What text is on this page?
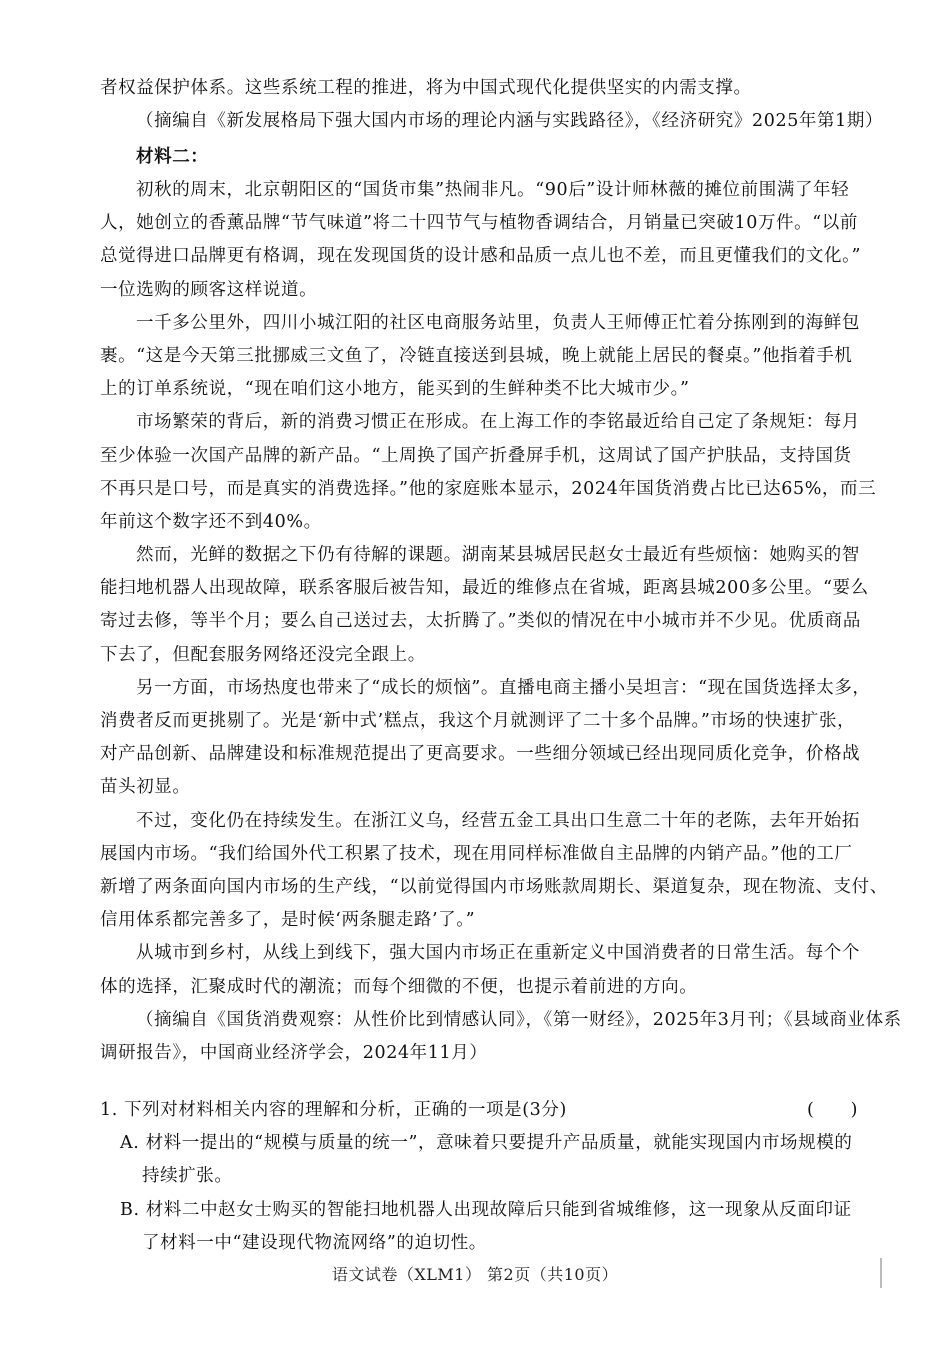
者权益保护体系。这些系统工程的推进，将为中国式现代化提供坚实的内需支撑。
（摘编自《新发展格局下强大国内市场的理论内涵与实践路径》，《经济研究》2025年第1期）
材料二：
初秋的周末，北京朝阳区的“国货市集”热闹非凡。“90后”设计师林薇的摊位前围满了年轻
人，她创立的香薰品牌“节气味道”将二十四节气与植物香调结合，月销量已突破10万件。“以前
总觉得进口品牌更有格调，现在发现国货的设计感和品质一点儿也不差，而且更懂我们的文化。”
一位选购的顾客这样说道。
一千多公里外，四川小城江阳的社区电商服务站里，负责人王师傅正忙着分拣刚到的海鲜包
裹。“这是今天第三批挪威三文鱼了，冷链直接送到县城，晚上就能上居民的餐桌。”他指着手机
上的订单系统说，“现在咱们这小地方，能买到的生鲜种类不比大城市少。”
市场繁荣的背后，新的消费习惯正在形成。在上海工作的李铭最近给自己定了条规矩：每月
至少体验一次国产品牌的新产品。“上周换了国产折叠屏手机，这周试了国产护肤品，支持国货
不再只是口号，而是真实的消费选择。”他的家庭账本显示，2024年国货消费占比已达65%，而三
年前这个数字还不到40%。
然而，光鲜的数据之下仍有待解的课题。湖南某县城居民赵女士最近有些烦恼：她购买的智
能扫地机器人出现故障，联系客服后被告知，最近的维修点在省城，距离县城200多公里。“要么
寄过去修，等半个月；要么自己送过去，太折腾了。”类似的情况在中小城市并不少见。优质商品
下去了，但配套服务网络还没完全跟上。
另一方面，市场热度也带来了“成长的烦恼”。直播电商主播小吴坦言：“现在国货选择太多，
消费者反而更挑剔了。光是‘新中式’糕点，我这个月就测评了二十多个品牌。”市场的快速扩张，
对产品创新、品牌建设和标准规范提出了更高要求。一些细分领域已经出现同质化竞争，价格战
苗头初显。
不过，变化仍在持续发生。在浙江义乌，经营五金工具出口生意二十年的老陈，去年开始拓
展国内市场。“我们给国外代工积累了技术，现在用同样标准做自主品牌的内销产品。”他的工厂
新增了两条面向国内市场的生产线，“以前觉得国内市场账款周期长、渠道复杂，现在物流、支付、
信用体系都完善多了，是时候‘两条腿走路’了。”
从城市到乡村，从线上到线下，强大国内市场正在重新定义中国消费者的日常生活。每个个
体的选择，汇聚成时代的潮流；而每个细微的不便，也提示着前进的方向。
（摘编自《国货消费观察：从性价比到情感认同》，《第一财经》，2025年3月刊；《县域商业体系
调研报告》，中国商业经济学会，2024年11月）
1. 下列对材料相关内容的理解和分析，正确的一项是(3分)	(　　)
A. 材料一提出的“规模与质量的统一”，意味着只要提升产品质量，就能实现国内市场规模的
持续扩张。
B. 材料二中赵女士购买的智能扫地机器人出现故障后只能到省城维修，这一现象从反面印证
了材料一中“建设现代物流网络”的迫切性。
语文试卷（XLM1） 第2页（共10页）
